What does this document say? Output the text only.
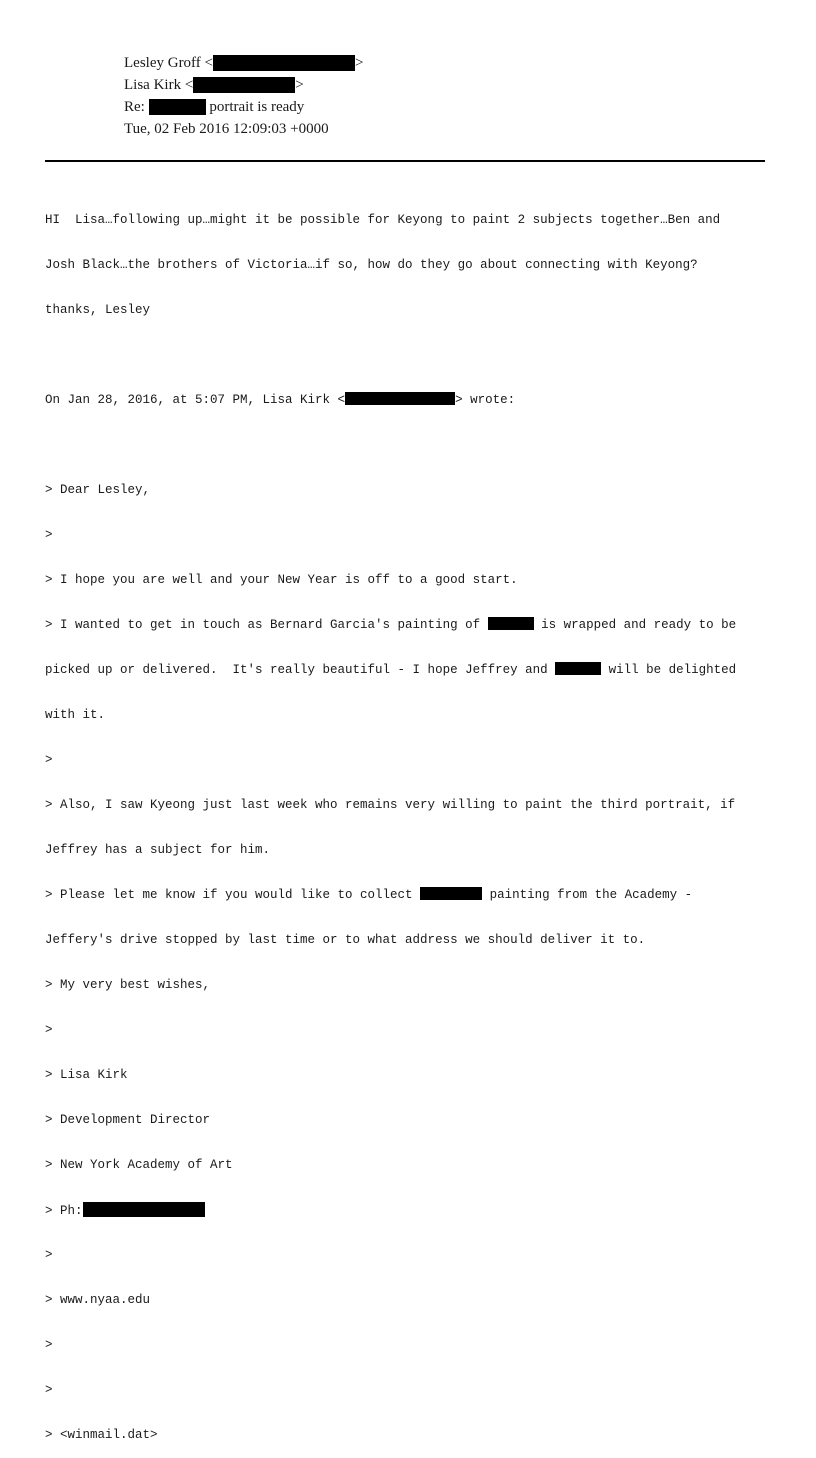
Lesley Groff <	>
Lisa Kirk <	>
Re:	portrait is ready
Tue, 02 Feb 2016 12:09:03 +0000

HI  Lisa…following up…might it be possible for Keyong to paint 2 subjects together…Ben and

Josh Black…the brothers of Victoria…if so, how do they go about connecting with Keyong?

thanks, Lesley

On Jan 28, 2016, at 5:07 PM, Lisa Kirk <	> wrote:

> Dear Lesley,

>

> I hope you are well and your New Year is off to a good start.

> I wanted to get in touch as Bernard Garcia's painting of	is wrapped and ready to be

picked up or delivered.  It's really beautiful - I hope Jeffrey and	will be delighted

with it.

>

> Also, I saw Kyeong just last week who remains very willing to paint the third portrait, if

Jeffrey has a subject for him.

> Please let me know if you would like to collect	painting from the Academy -

Jeffery's drive stopped by last time or to what address we should deliver it to.

> My very best wishes,

>

> Lisa Kirk

> Development Director

> New York Academy of Art

> Ph:

>

> www.nyaa.edu

>

>

> <winmail.dat>
